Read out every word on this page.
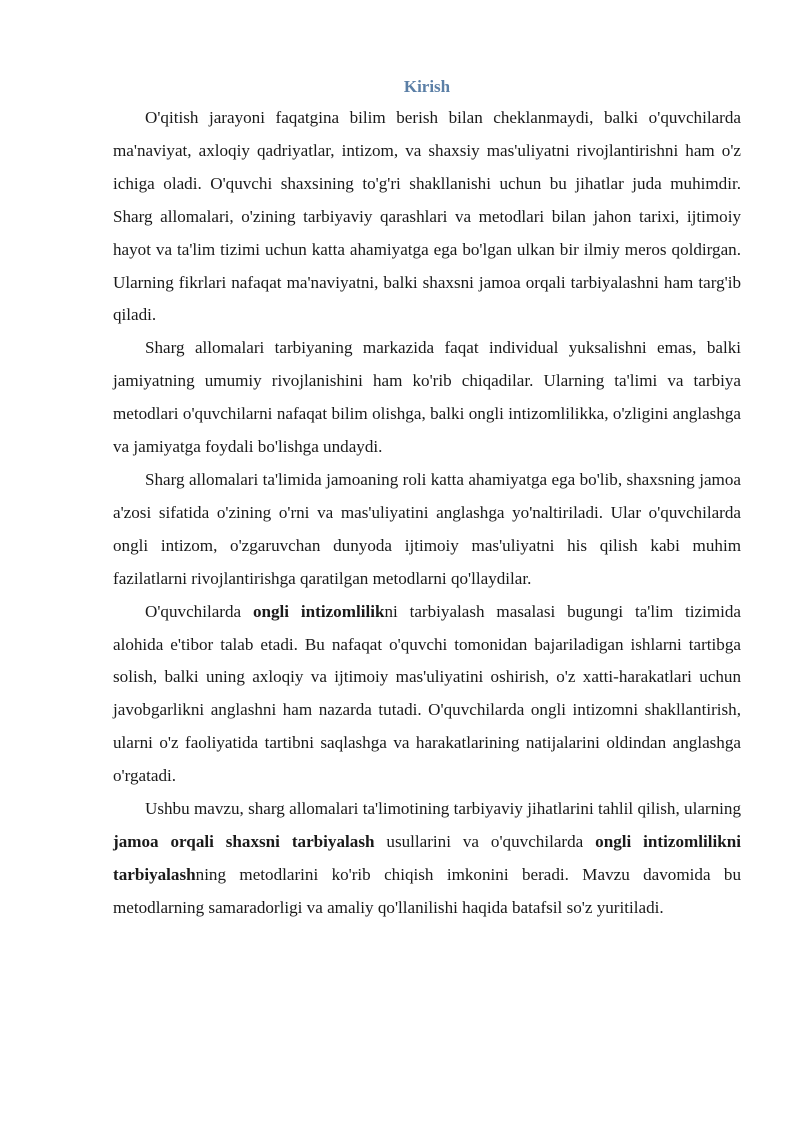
Kirish

O'qitish jarayoni faqatgina bilim berish bilan cheklanmaydi, balki o'quvchilarda ma'naviyat, axloqiy qadriyatlar, intizom, va shaxsiy mas'uliyatni rivojlantirishni ham o'z ichiga oladi. O'quvchi shaxsining to'g'ri shakllanishi uchun bu jihatlar juda muhimdir. Sharg allomalari, o'zining tarbiyaviy qarashlari va metodlari bilan jahon tarixi, ijtimoiy hayot va ta'lim tizimi uchun katta ahamiyatga ega bo'lgan ulkan bir ilmiy meros qoldirgan. Ularning fikrlari nafaqat ma'naviyatni, balki shaxsni jamoa orqali tarbiyalashni ham targ'ib qiladi.

Sharg allomalari tarbiyaning markazida faqat individual yuksalishni emas, balki jamiyatning umumiy rivojlanishini ham ko'rib chiqadilar. Ularning ta'limi va tarbiya metodlari o'quvchilarni nafaqat bilim olishga, balki ongli intizomlilikka, o'zligini anglashga va jamiyatga foydali bo'lishga undaydi.

Sharg allomalari ta'limida jamoaning roli katta ahamiyatga ega bo'lib, shaxsning jamoa a'zosi sifatida o'zining o'rni va mas'uliyatini anglashga yo'naltiriladi. Ular o'quvchilarda ongli intizom, o'zgaruvchan dunyoda ijtimoiy mas'uliyatni his qilish kabi muhim fazilatlarni rivojlantirishga qaratilgan metodlarni qo'llaydilar.

O'quvchilarda ongli intizomlilikni tarbiyalash masalasi bugungi ta'lim tizimida alohida e'tibor talab etadi. Bu nafaqat o'quvchi tomonidan bajariladigan ishlarni tartibga solish, balki uning axloqiy va ijtimoiy mas'uliyatini oshirish, o'z xatti-harakatlari uchun javobgarlikni anglashni ham nazarda tutadi. O'quvchilarda ongli intizomni shakllantirish, ularni o'z faoliyatida tartibni saqlashga va harakatlarining natijalarini oldindan anglashga o'rgatadi.

Ushbu mavzu, sharg allomalari ta'limotining tarbiyaviy jihatlarini tahlil qilish, ularning jamoa orqali shaxsni tarbiyalash usullarini va o'quvchilarda ongli intizomlilikni tarbiyalashning metodlarini ko'rib chiqish imkonini beradi. Mavzu davomida bu metodlarning samaradorligi va amaliy qo'llanilishi haqida batafsil so'z yuritiladi.
